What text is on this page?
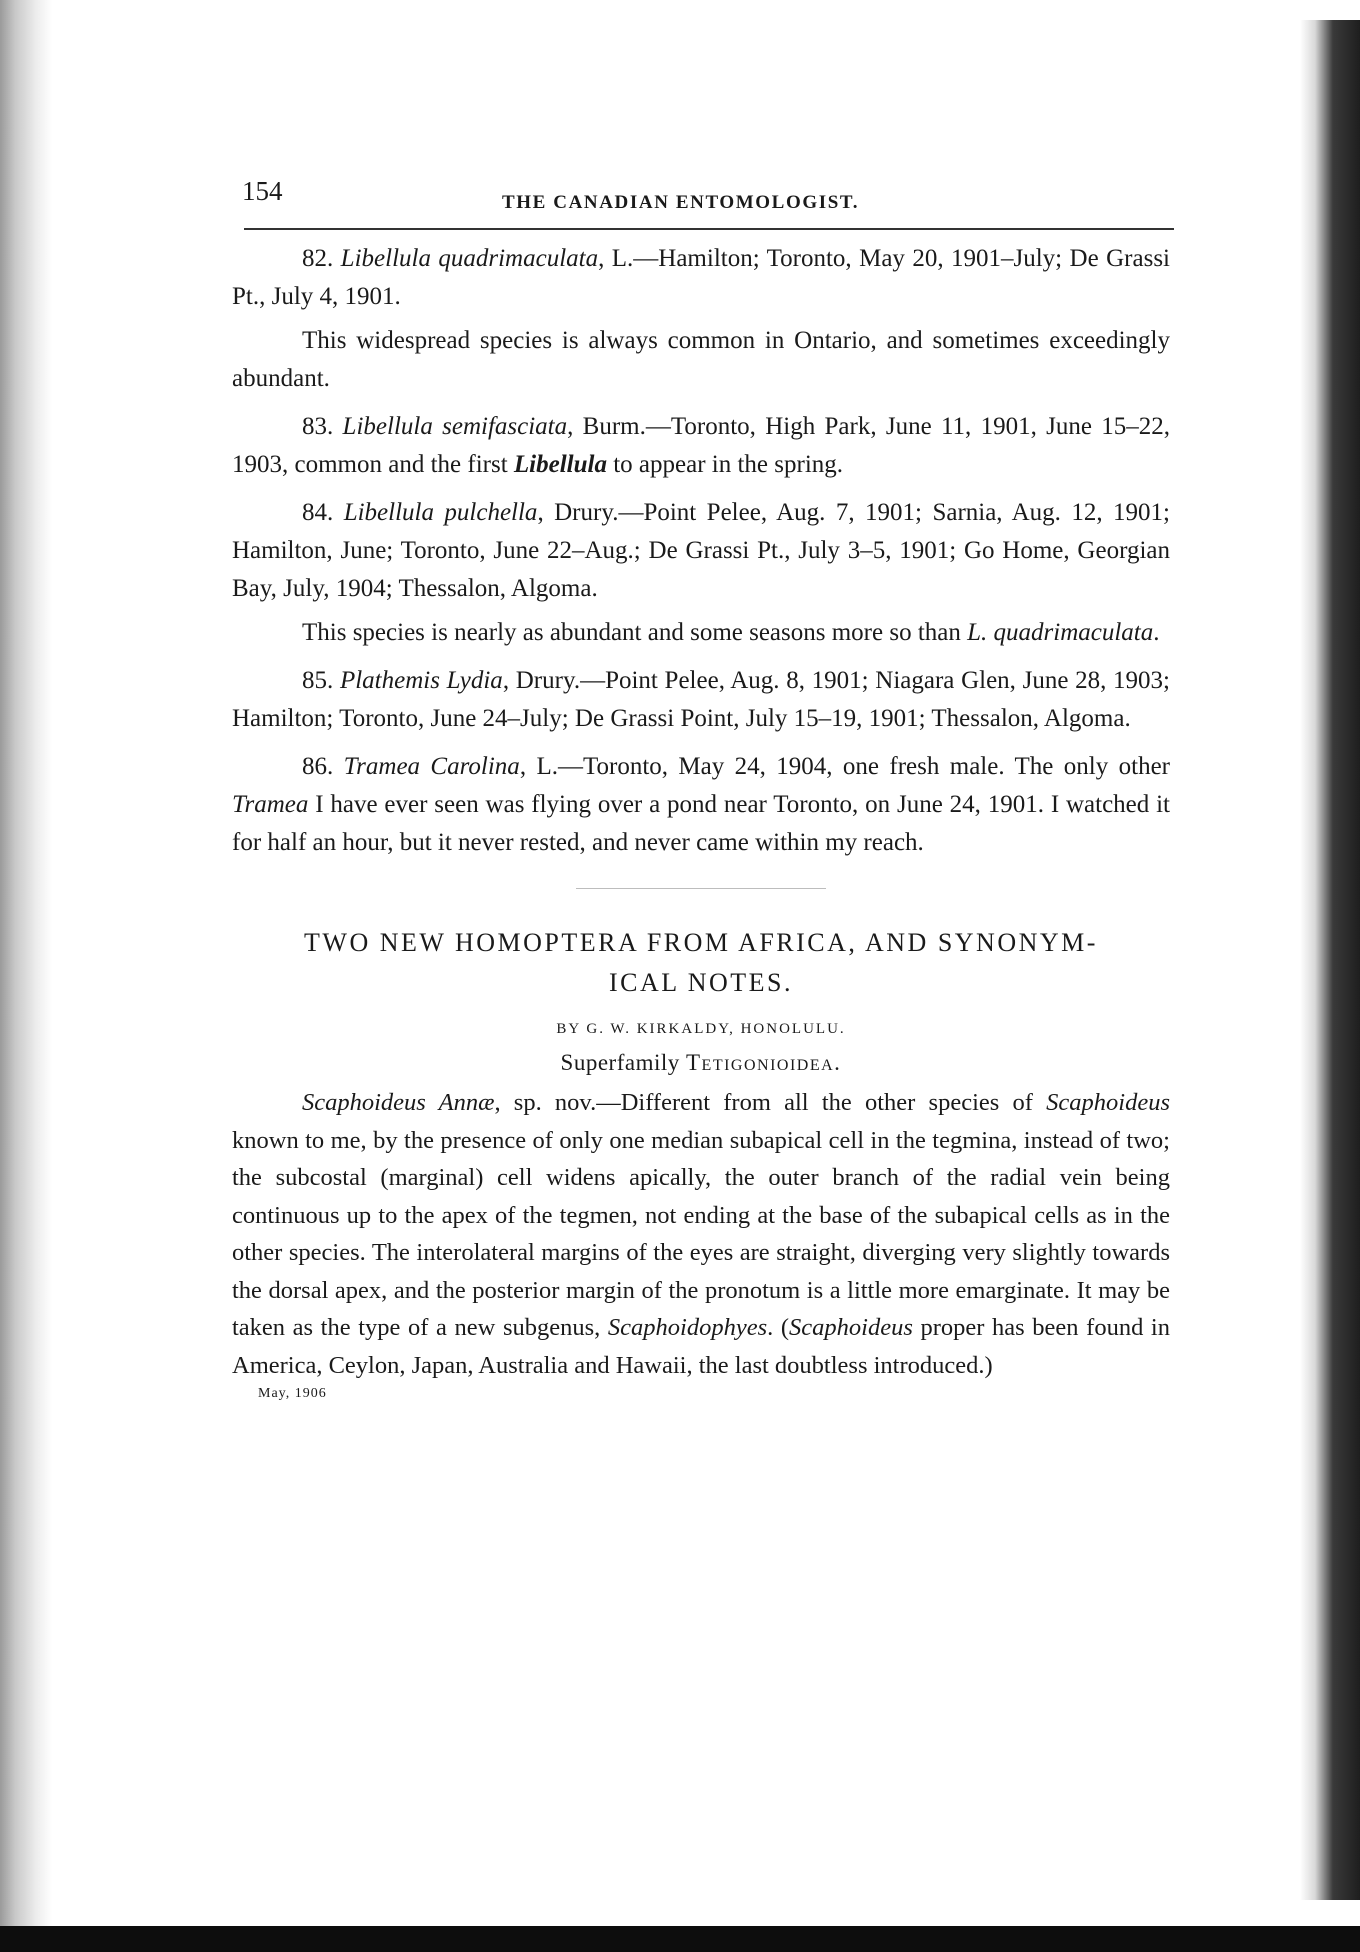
154	THE CANADIAN ENTOMOLOGIST.

82. Libellula quadrimaculata, L.—Hamilton; Toronto, May 20, 1901–July; De Grassi Pt., July 4, 1901.

This widespread species is always common in Ontario, and sometimes exceedingly abundant.

83. Libellula semifasciata, Burm.—Toronto, High Park, June 11, 1901, June 15–22, 1903, common and the first Libellula to appear in the spring.

84. Libellula pulchella, Drury.—Point Pelee, Aug. 7, 1901; Sarnia, Aug. 12, 1901; Hamilton, June; Toronto, June 22–Aug.; De Grassi Pt., July 3–5, 1901; Go Home, Georgian Bay, July, 1904; Thessalon, Algoma.

This species is nearly as abundant and some seasons more so than L. quadrimaculata.

85. Plathemis Lydia, Drury.—Point Pelee, Aug. 8, 1901; Niagara Glen, June 28, 1903; Hamilton; Toronto, June 24–July; De Grassi Point, July 15–19, 1901; Thessalon, Algoma.

86. Tramea Carolina, L.—Toronto, May 24, 1904, one fresh male. The only other Tramea I have ever seen was flying over a pond near Toronto, on June 24, 1901. I watched it for half an hour, but it never rested, and never came within my reach.

TWO NEW HOMOPTERA FROM AFRICA, AND SYNONYM-
ICAL NOTES.

BY G. W. KIRKALDY, HONOLULU.

Superfamily Tetigonioidea.

Scaphoideus Annæ, sp. nov.—Different from all the other species of Scaphoideus known to me, by the presence of only one median subapical cell in the tegmina, instead of two; the subcostal (marginal) cell widens apically, the outer branch of the radial vein being continuous up to the apex of the tegmen, not ending at the base of the subapical cells as in the other species. The interolateral margins of the eyes are straight, diverging very slightly towards the dorsal apex, and the posterior margin of the pronotum is a little more emarginate. It may be taken as the type of a new subgenus, Scaphoidophyes. (Scaphoideus proper has been found in America, Ceylon, Japan, Australia and Hawaii, the last doubtless introduced.)

May, 1906
